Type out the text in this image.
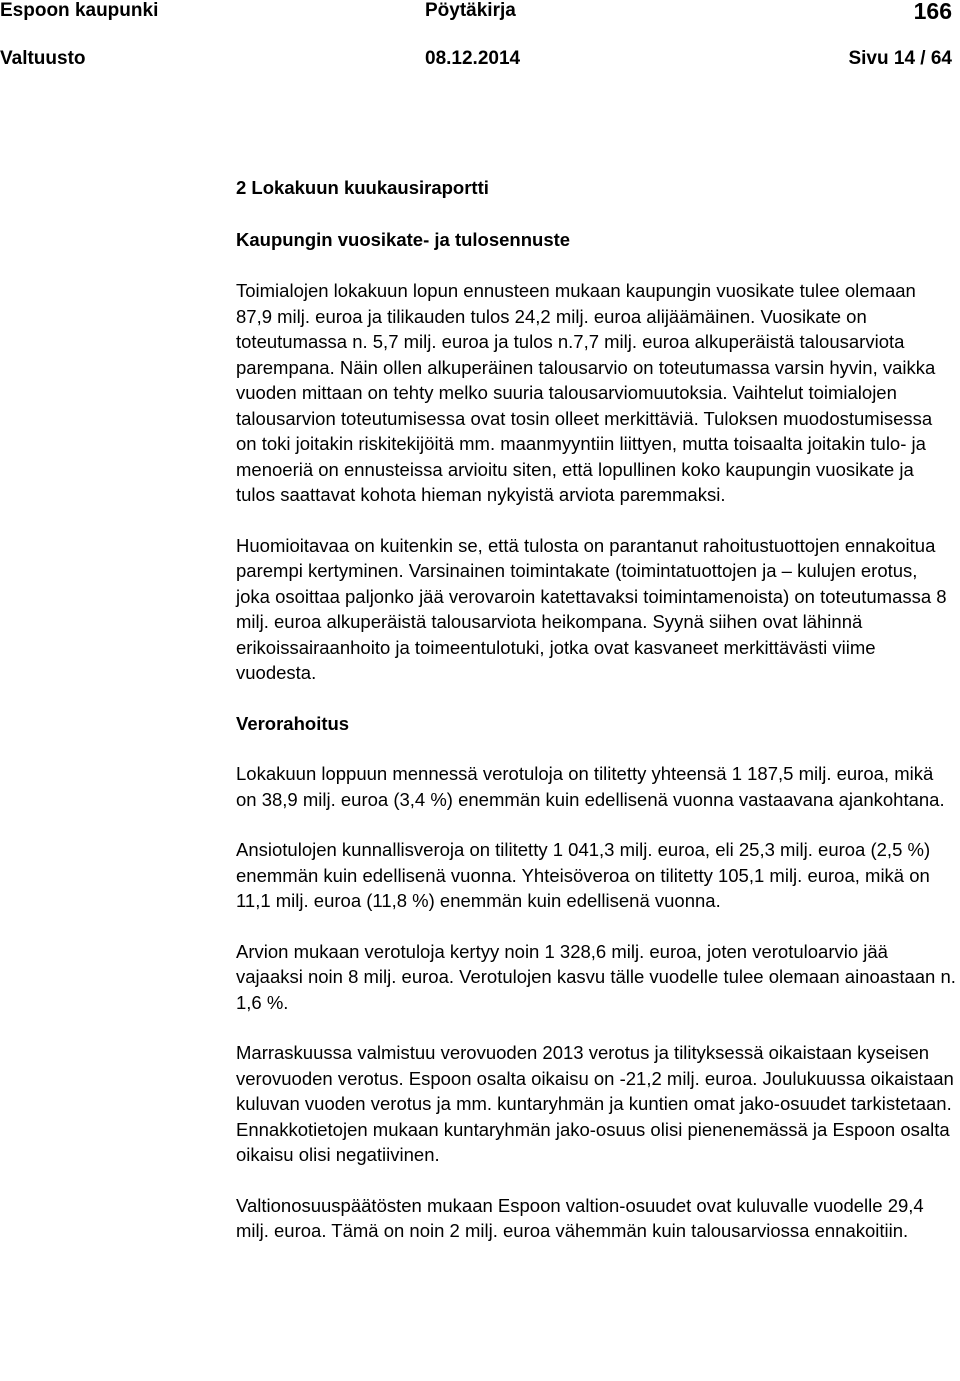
Espoon kaupunki	Pöytäkirja	166
Valtuusto	08.12.2014	Sivu 14 / 64

2 Lokakuun kuukausiraportti

Kaupungin vuosikate- ja tulosennuste

Toimialojen lokakuun lopun ennusteen mukaan kaupungin vuosikate tulee olemaan 87,9 milj. euroa ja tilikauden tulos 24,2 milj. euroa alijäämäinen. Vuosikate on toteutumassa n. 5,7 milj. euroa ja tulos n.7,7 milj. euroa alkuperäistä talousarviota parempana. Näin ollen alkuperäinen talousarvio on toteutumassa varsin hyvin, vaikka vuoden mittaan on tehty melko suuria talousarviomuutoksia. Vaihtelut toimialojen talousarvion toteutumisessa ovat tosin olleet merkittäviä. Tuloksen muodostumisessa on toki joitakin riskitekijöitä mm. maanmyyntiin liittyen, mutta toisaalta joitakin tulo- ja menoeriä on ennusteissa arvioitu siten, että lopullinen koko kaupungin vuosikate ja tulos saattavat kohota hieman nykyistä arviota paremmaksi.

Huomioitavaa on kuitenkin se, että tulosta on parantanut rahoitustuottojen ennakoitua parempi kertyminen. Varsinainen toimintakate (toimintatuottojen ja – kulujen erotus, joka osoittaa paljonko jää verovaroin katettavaksi toimintamenoista) on toteutumassa 8 milj. euroa alkuperäistä talousarviota heikompana. Syynä siihen ovat lähinnä erikoissairaanhoito ja toimeentulotuki, jotka ovat kasvaneet merkittävästi viime vuodesta.

Verorahoitus

Lokakuun loppuun mennessä verotuloja on tilitetty yhteensä 1 187,5 milj. euroa, mikä on 38,9 milj. euroa (3,4 %) enemmän kuin edellisenä vuonna vastaavana ajankohtana.

Ansiotulojen kunnallisveroja on tilitetty 1 041,3 milj. euroa, eli 25,3 milj. euroa (2,5 %) enemmän kuin edellisenä vuonna. Yhteisöveroa on tilitetty 105,1 milj. euroa, mikä on 11,1 milj. euroa (11,8 %) enemmän kuin edellisenä vuonna.

Arvion mukaan verotuloja kertyy noin 1 328,6 milj. euroa, joten verotuloarvio jää vajaaksi noin 8 milj. euroa. Verotulojen kasvu tälle vuodelle tulee olemaan ainoastaan n. 1,6 %.

Marraskuussa valmistuu verovuoden 2013 verotus ja tilityksessä oikaistaan kyseisen verovuoden verotus. Espoon osalta oikaisu on -21,2 milj. euroa. Joulukuussa oikaistaan kuluvan vuoden verotus ja mm. kuntaryhmän ja kuntien omat jako-osuudet tarkistetaan. Ennakkotietojen mukaan kuntaryhmän jako-osuus olisi pienenemässä ja Espoon osalta oikaisu olisi negatiivinen.

Valtionosuuspäätösten mukaan Espoon valtion-osuudet ovat kuluvalle vuodelle 29,4 milj. euroa. Tämä on noin 2 milj. euroa vähemmän kuin talousarviossa ennakoitiin.
